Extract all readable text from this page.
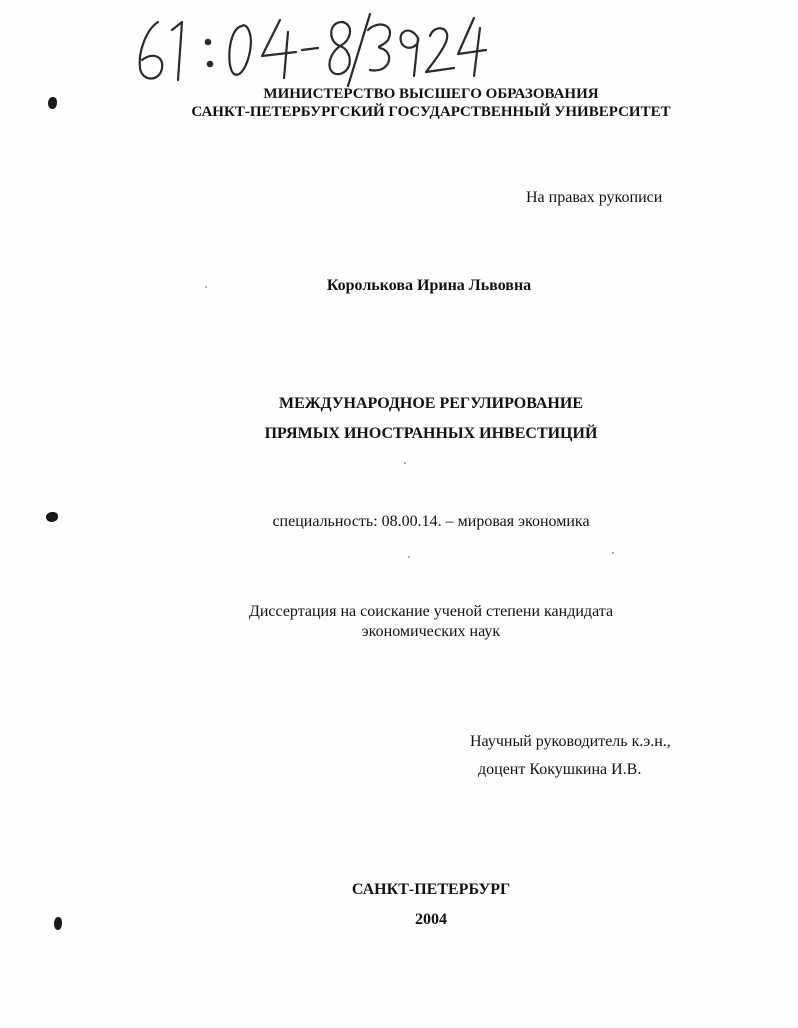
МИНИСТЕРСТВО ВЫСШЕГО ОБРАЗОВАНИЯ
САНКТ-ПЕТЕРБУРГСКИЙ ГОСУДАРСТВЕННЫЙ УНИВЕРСИТЕТ
На правах рукописи
Королькова Ирина Львовна
МЕЖДУНАРОДНОЕ РЕГУЛИРОВАНИЕ
ПРЯМЫХ ИНОСТРАННЫХ ИНВЕСТИЦИЙ
специальность: 08.00.14. – мировая экономика
Диссертация на соискание ученой степени кандидата
экономических наук
Научный руководитель к.э.н.,
доцент Кокушкина И.В.
САНКТ-ПЕТЕРБУРГ
2004
